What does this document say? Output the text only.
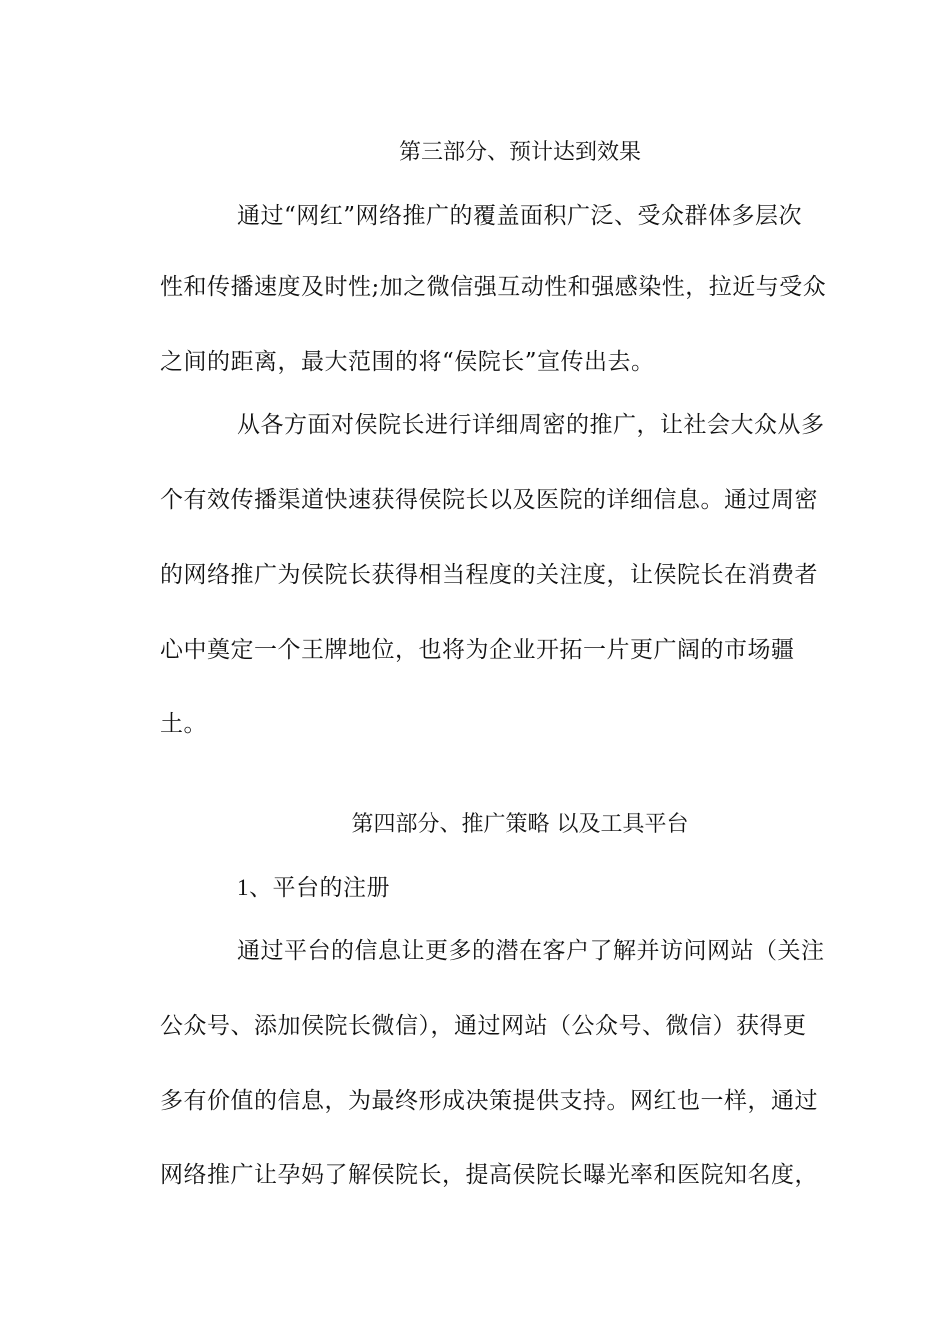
第三部分、预计达到效果
通过“网红”网络推广的覆盖面积广泛、受众群体多层次
性和传播速度及时性;加之微信强互动性和强感染性，拉近与受众
之间的距离，最大范围的将“侯院长”宣传出去。
从各方面对侯院长进行详细周密的推广，让社会大众从多
个有效传播渠道快速获得侯院长以及医院的详细信息。通过周密
的网络推广为侯院长获得相当程度的关注度，让侯院长在消费者
心中奠定一个王牌地位，也将为企业开拓一片更广阔的市场疆
土。
第四部分、推广策略 以及工具平台
1、平台的注册
通过平台的信息让更多的潜在客户了解并访问网站（关注
公众号、添加侯院长微信），通过网站（公众号、微信）获得更
多有价值的信息，为最终形成决策提供支持。网红也一样，通过
网络推广让孕妈了解侯院长，提高侯院长曝光率和医院知名度，
